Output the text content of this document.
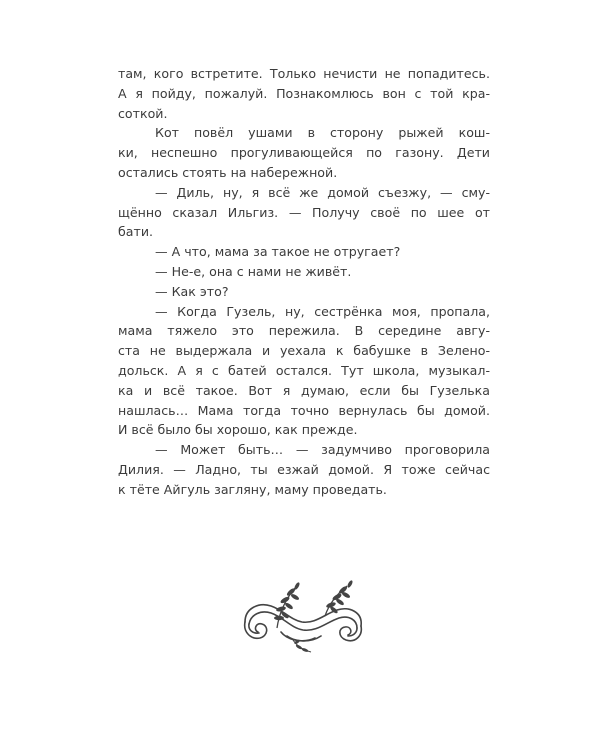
там, кого встретите. Только нечисти не попадитесь.
А я пойду, пожалуй. Познакомлюсь вон с той кра-
соткой.
Кот повёл ушами в сторону рыжей кош-
ки, неспешно прогуливающейся по газону. Дети
остались стоять на набережной.
— Диль, ну, я всё же домой съезжу, — сму-
щённо сказал Ильгиз. — Получу своё по шее от
бати.
— А что, мама за такое не отругает?
— Не-е, она с нами не живёт.
— Как это?
— Когда Гузель, ну, сестрёнка моя, пропала,
мама тяжело это пережила. В середине авгу-
ста не выдержала и уехала к бабушке в Зелено-
дольск. А я с батей остался. Тут школа, музыкал-
ка и всё такое. Вот я думаю, если бы Гузелька
нашлась… Мама тогда точно вернулась бы домой.
И всё было бы хорошо, как прежде.
— Может быть… — задумчиво проговорила
Дилия. — Ладно, ты езжай домой. Я тоже сейчас
к тёте Айгуль загляну, маму проведать.
